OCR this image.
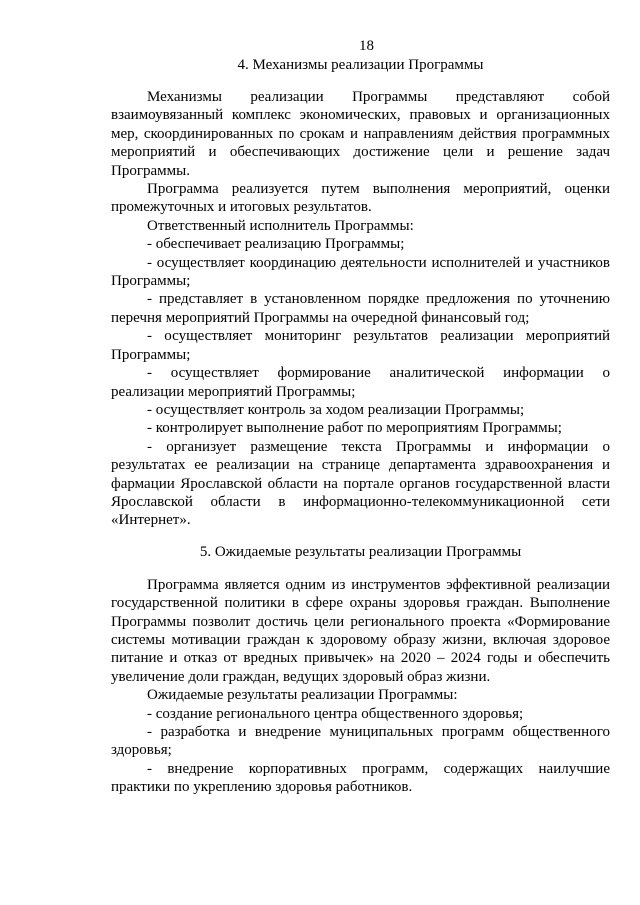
18
4. Механизмы реализации Программы

Механизмы реализации Программы представляют собой взаимоувязанный комплекс экономических, правовых и организационных мер, скоординированных по срокам и направлениям действия программных мероприятий и обеспечивающих достижение цели и решение задач Программы.

Программа реализуется путем выполнения мероприятий, оценки промежуточных и итоговых результатов.

Ответственный исполнитель Программы:

- обеспечивает реализацию Программы;

- осуществляет координацию деятельности исполнителей и участников Программы;

- представляет в установленном порядке предложения по уточнению перечня мероприятий Программы на очередной финансовый год;

- осуществляет мониторинг результатов реализации мероприятий Программы;

- осуществляет формирование аналитической информации о реализации мероприятий Программы;

- осуществляет контроль за ходом реализации Программы;

- контролирует выполнение работ по мероприятиям Программы;

- организует размещение текста Программы и информации о результатах ее реализации на странице департамента здравоохранения и фармации Ярославской области на портале органов государственной власти Ярославской области в информационно-телекоммуникационной сети «Интернет».

5. Ожидаемые результаты реализации Программы

Программа является одним из инструментов эффективной реализации государственной политики в сфере охраны здоровья граждан. Выполнение Программы позволит достичь цели регионального проекта «Формирование системы мотивации граждан к здоровому образу жизни, включая здоровое питание и отказ от вредных привычек» на 2020 – 2024 годы и обеспечить увеличение доли граждан, ведущих здоровый образ жизни.

Ожидаемые результаты реализации Программы:

- создание регионального центра общественного здоровья;

- разработка и внедрение муниципальных программ общественного здоровья;

- внедрение корпоративных программ, содержащих наилучшие практики по укреплению здоровья работников.
